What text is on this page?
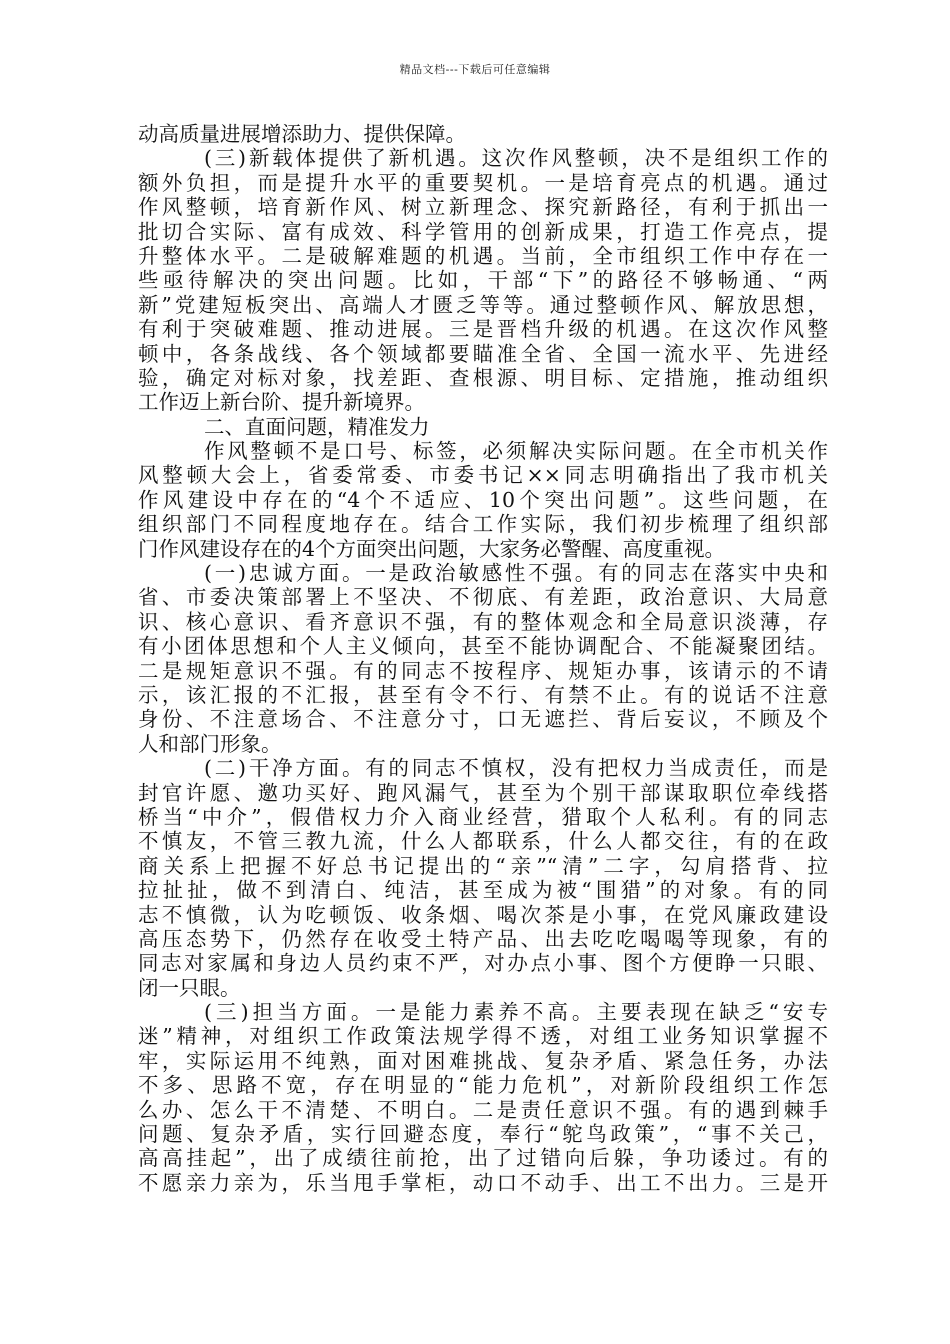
精品文档---下载后可任意编辑
动高质量进展增添助力、提供保障。
(三)新载体提供了新机遇。这次作风整顿，决不是组织工作的
额外负担，而是提升水平的重要契机。一是培育亮点的机遇。通过
作风整顿，培育新作风、树立新理念、探究新路径，有利于抓出一
批切合实际、富有成效、科学管用的创新成果，打造工作亮点，提
升整体水平。二是破解难题的机遇。当前，全市组织工作中存在一
些亟待解决的突出问题。比如，干部“下”的路径不够畅通、“两
新”党建短板突出、高端人才匮乏等等。通过整顿作风、解放思想，
有利于突破难题、推动进展。三是晋档升级的机遇。在这次作风整
顿中，各条战线、各个领域都要瞄准全省、全国一流水平、先进经
验，确定对标对象，找差距、查根源、明目标、定措施，推动组织
工作迈上新台阶、提升新境界。
二、直面问题，精准发力
作风整顿不是口号、标签，必须解决实际问题。在全市机关作
风整顿大会上，省委常委、市委书记××同志明确指出了我市机关
作风建设中存在的“4个不适应、10个突出问题”。这些问题，在
组织部门不同程度地存在。结合工作实际，我们初步梳理了组织部
门作风建设存在的4个方面突出问题，大家务必警醒、高度重视。
(一)忠诚方面。一是政治敏感性不强。有的同志在落实中央和
省、市委决策部署上不坚决、不彻底、有差距，政治意识、大局意
识、核心意识、看齐意识不强，有的整体观念和全局意识淡薄，存
有小团体思想和个人主义倾向，甚至不能协调配合、不能凝聚团结。
二是规矩意识不强。有的同志不按程序、规矩办事，该请示的不请
示，该汇报的不汇报，甚至有令不行、有禁不止。有的说话不注意
身份、不注意场合、不注意分寸，口无遮拦、背后妄议，不顾及个
人和部门形象。
(二)干净方面。有的同志不慎权，没有把权力当成责任，而是
封官许愿、邀功买好、跑风漏气，甚至为个别干部谋取职位牵线搭
桥当“中介”，假借权力介入商业经营，猎取个人私利。有的同志
不慎友，不管三教九流，什么人都联系，什么人都交往，有的在政
商关系上把握不好总书记提出的“亲”“清”二字，勾肩搭背、拉
拉扯扯，做不到清白、纯洁，甚至成为被“围猎”的对象。有的同
志不慎微，认为吃顿饭、收条烟、喝次茶是小事，在党风廉政建设
高压态势下，仍然存在收受土特产品、出去吃吃喝喝等现象，有的
同志对家属和身边人员约束不严，对办点小事、图个方便睁一只眼、
闭一只眼。
(三)担当方面。一是能力素养不高。主要表现在缺乏“安专
迷”精神，对组织工作政策法规学得不透，对组工业务知识掌握不
牢，实际运用不纯熟，面对困难挑战、复杂矛盾、紧急任务，办法
不多、思路不宽，存在明显的“能力危机”，对新阶段组织工作怎
么办、怎么干不清楚、不明白。二是责任意识不强。有的遇到棘手
问题、复杂矛盾，实行回避态度，奉行“鸵鸟政策”，“事不关己，
高高挂起”，出了成绩往前抢，出了过错向后躲，争功诿过。有的
不愿亲力亲为，乐当甩手掌柜，动口不动手、出工不出力。三是开
